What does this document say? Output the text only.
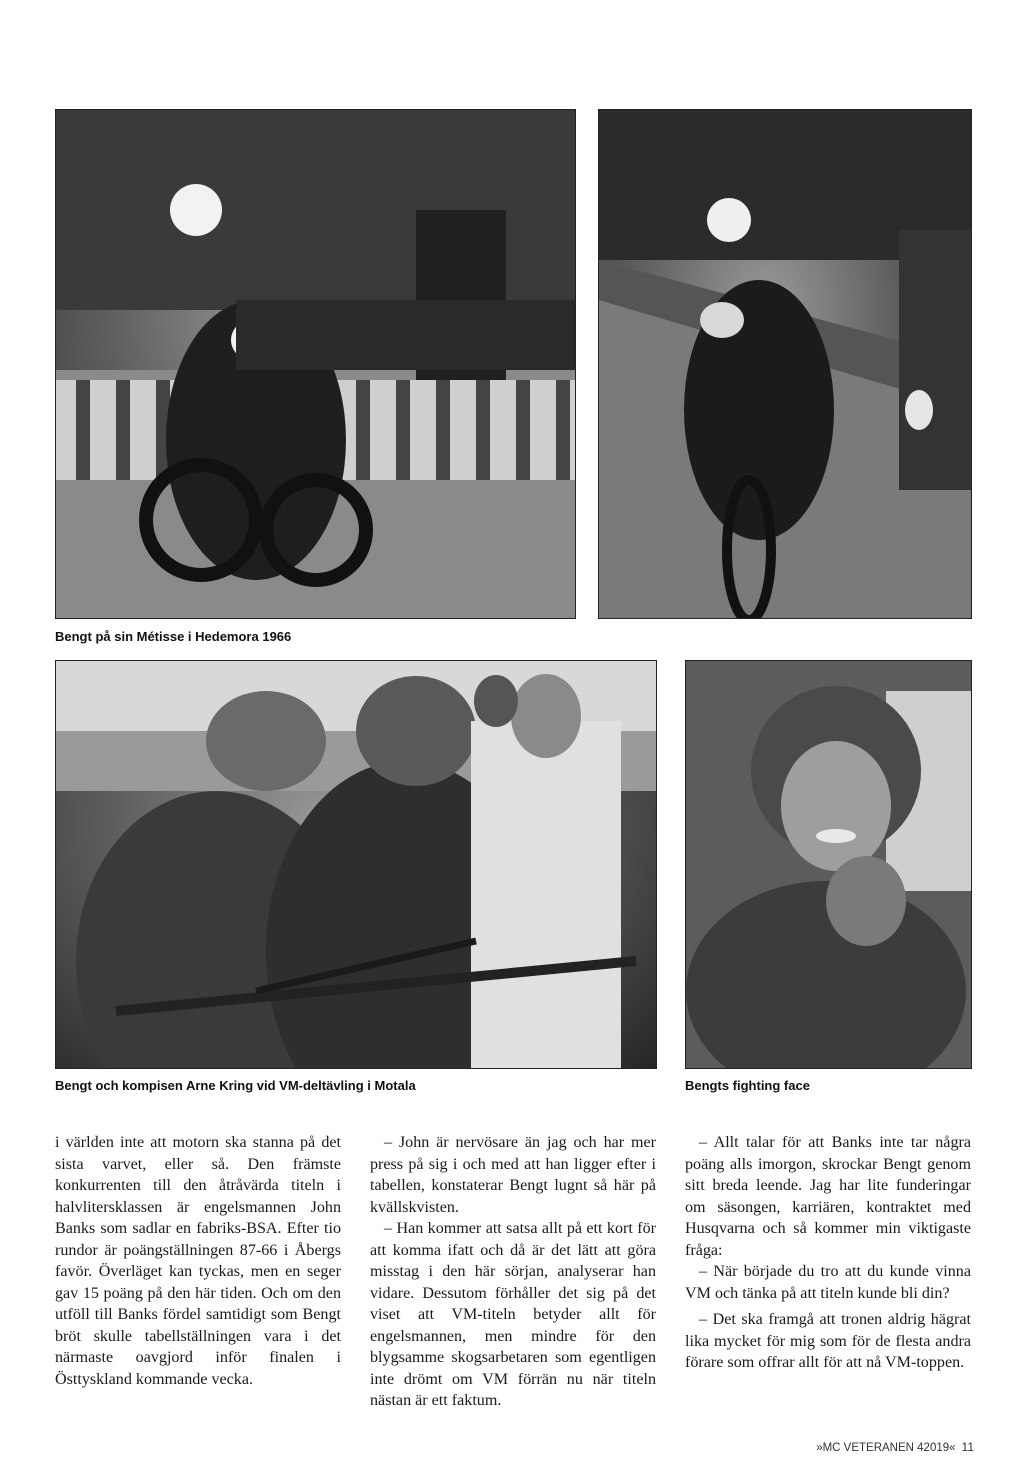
Bengt på sin Métisse i Hedemora 1966
Bengt och kompisen Arne Kring vid VM-deltävling i Motala	Bengts fighting face

i världen inte att motorn ska stanna på det sista varvet, eller så. Den främste konkurrenten till den åtråvärda titeln i halvlitersklassen är engelsmannen John Banks som sadlar en fabriks-BSA. Efter tio rundor är poängställningen 87-66 i Åbergs favör. Överläget kan tyckas, men en seger gav 15 poäng på den här tiden. Och om den utföll till Banks fördel samtidigt som Bengt bröt skulle tabellställningen vara i det närmaste oavgjord inför finalen i Östtyskland kommande vecka.

– John är nervösare än jag och har mer press på sig i och med att han ligger efter i tabellen, konstaterar Bengt lugnt så här på kvällskvisten.

– Han kommer att satsa allt på ett kort för att komma ifatt och då är det lätt att göra misstag i den här sörjan, analyserar han vidare. Dessutom förhåller det sig på det viset att VM-titeln betyder allt för engelsmannen, men mindre för den blygsamme skogsarbetaren som egentligen inte drömt om VM förrän nu när titeln nästan är ett faktum.

– Allt talar för att Banks inte tar några poäng alls imorgon, skrockar Bengt genom sitt breda leende. Jag har lite funderingar om säsongen, karriären, kontraktet med Husqvarna och så kommer min viktigaste fråga:

– När började du tro att du kunde vinna VM och tänka på att titeln kunde bli din?

– Det ska framgå att tronen aldrig hägrat lika mycket för mig som för de flesta andra förare som offrar allt för att nå VM-toppen.

»MC VETERANEN 42019« 11
